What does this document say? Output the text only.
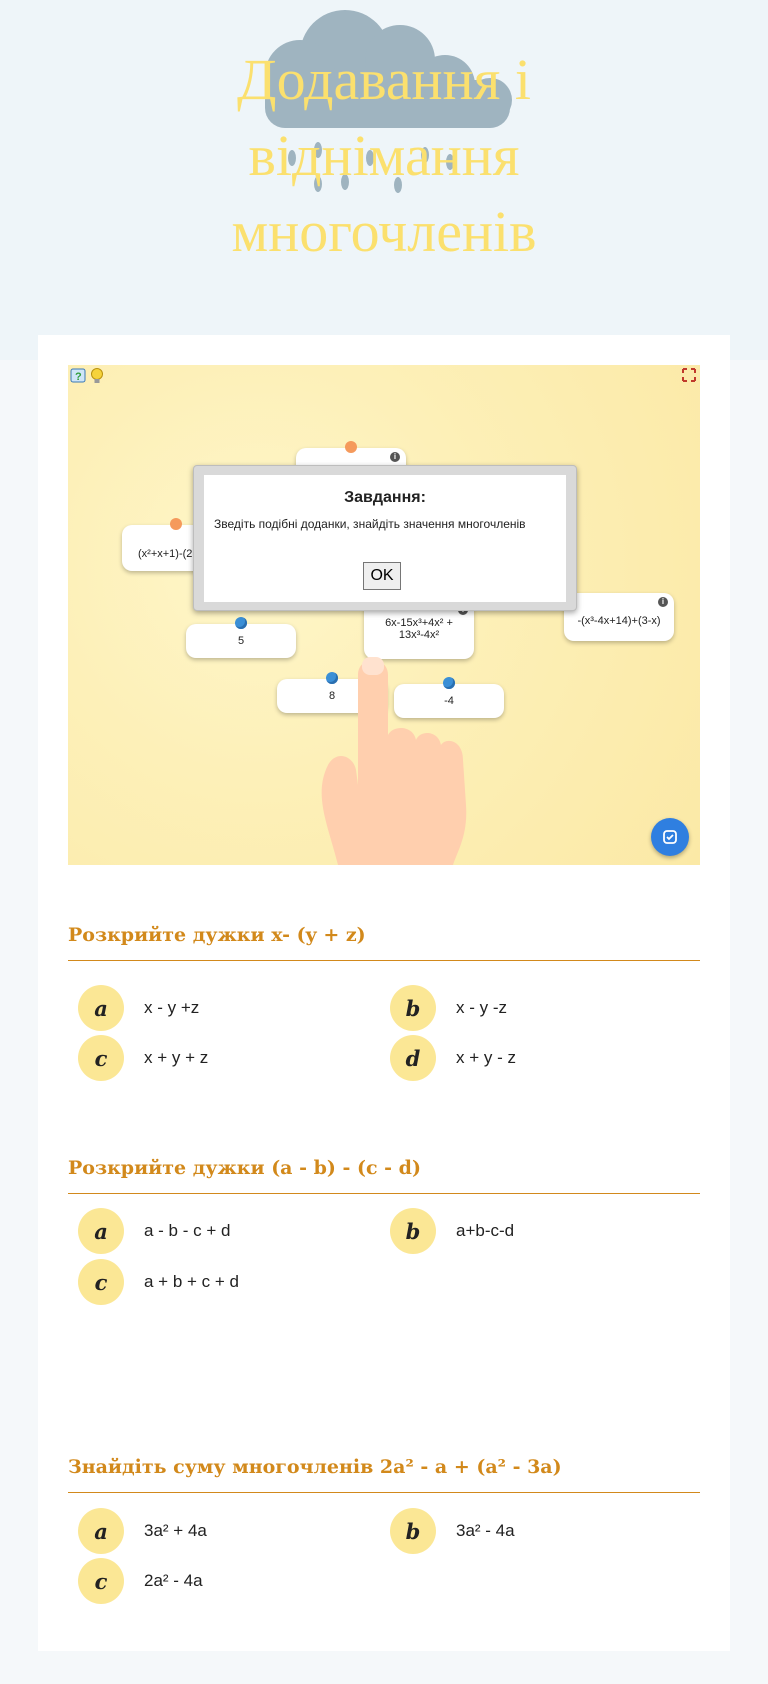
Додавання і віднімання многочленів
?
i
(x²+x+1)-(2
i
-(x³-4x+14)+(3-x)
6x-15x³+4x² + 13x³-4x²
5
8	-4
Завдання:
Зведіть подібні доданки, знайдіть значення многочленів
OK
Розкрийте дужки x- (y + z)
a	x - y +z	b	x - y -z
c	x + y + z	d	x + y - z
Розкрийте дужки (a - b) - (c - d)
a	a - b - c + d	b	a+b-c-d
c	a + b + c + d
Знайдіть суму многочленів 2a² - a + (a² - 3a)
a	3a² + 4a	b	3a² - 4a
c	2a² - 4a
